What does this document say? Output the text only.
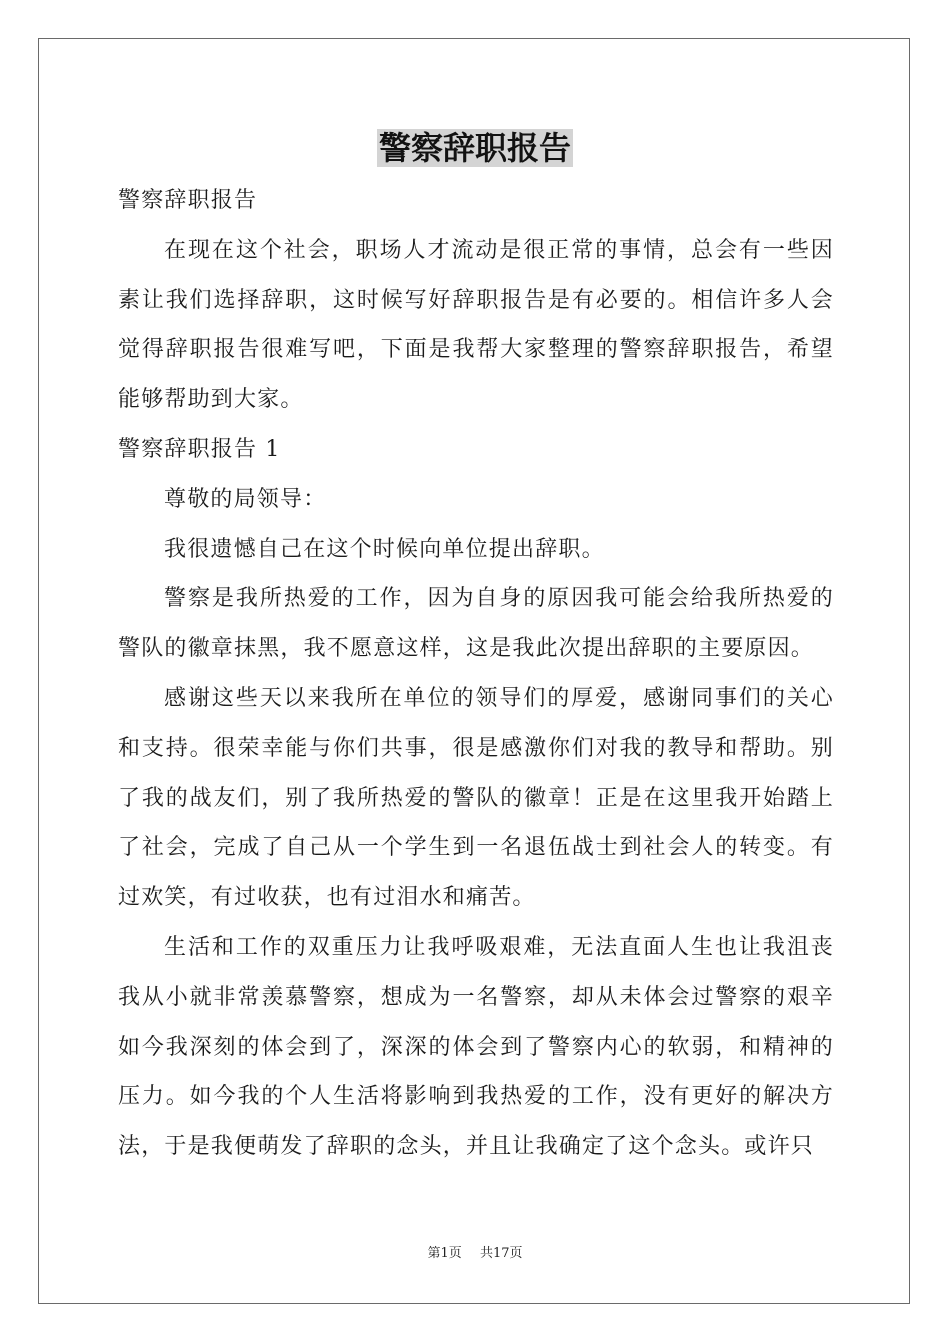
警察辞职报告

警察辞职报告

在现在这个社会，职场人才流动是很正常的事情，总会有一些因素让我们选择辞职，这时候写好辞职报告是有必要的。相信许多人会觉得辞职报告很难写吧，下面是我帮大家整理的警察辞职报告，希望能够帮助到大家。

警察辞职报告 1

尊敬的局领导：

我很遗憾自己在这个时候向单位提出辞职。

警察是我所热爱的工作，因为自身的原因我可能会给我所热爱的警队的徽章抹黑，我不愿意这样，这是我此次提出辞职的主要原因。

感谢这些天以来我所在单位的领导们的厚爱，感谢同事们的关心和支持。很荣幸能与你们共事，很是感激你们对我的教导和帮助。别了我的战友们，别了我所热爱的警队的徽章！正是在这里我开始踏上了社会，完成了自己从一个学生到一名退伍战士到社会人的转变。有过欢笑，有过收获，也有过泪水和痛苦。

生活和工作的双重压力让我呼吸艰难，无法直面人生也让我沮丧我从小就非常羡慕警察，想成为一名警察，却从未体会过警察的艰辛如今我深刻的体会到了，深深的体会到了警察内心的软弱，和精神的压力。如今我的个人生活将影响到我热爱的工作，没有更好的解决方法，于是我便萌发了辞职的念头，并且让我确定了这个念头。或许只

第1页 共17页
